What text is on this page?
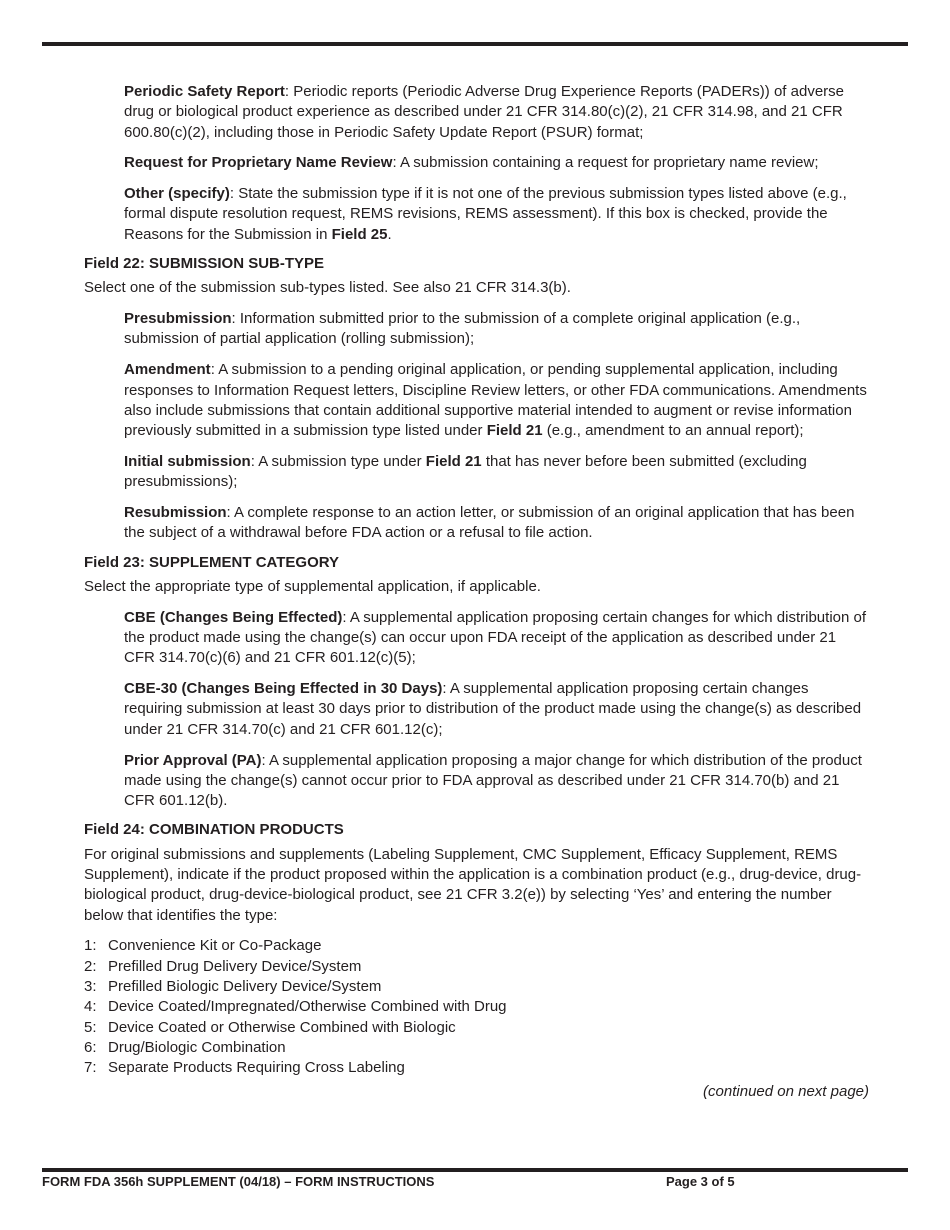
Periodic Safety Report: Periodic reports (Periodic Adverse Drug Experience Reports (PADERs)) of adverse drug or biological product experience as described under 21 CFR 314.80(c)(2), 21 CFR 314.98, and 21 CFR 600.80(c)(2), including those in Periodic Safety Update Report (PSUR) format;

Request for Proprietary Name Review: A submission containing a request for proprietary name review;

Other (specify): State the submission type if it is not one of the previous submission types listed above (e.g., formal dispute resolution request, REMS revisions, REMS assessment). If this box is checked, provide the Reasons for the Submission in Field 25.

Field 22: SUBMISSION SUB-TYPE

Select one of the submission sub-types listed. See also 21 CFR 314.3(b).

Presubmission: Information submitted prior to the submission of a complete original application (e.g., submission of partial application (rolling submission);

Amendment: A submission to a pending original application, or pending supplemental application, including responses to Information Request letters, Discipline Review letters, or other FDA communications. Amendments also include submissions that contain additional supportive material intended to augment or revise information previously submitted in a submission type listed under Field 21 (e.g., amendment to an annual report);

Initial submission: A submission type under Field 21 that has never before been submitted (excluding presubmissions);

Resubmission: A complete response to an action letter, or submission of an original application that has been the subject of a withdrawal before FDA action or a refusal to file action.

Field 23: SUPPLEMENT CATEGORY

Select the appropriate type of supplemental application, if applicable.

CBE (Changes Being Effected): A supplemental application proposing certain changes for which distribution of the product made using the change(s) can occur upon FDA receipt of the application as described under 21 CFR 314.70(c)(6) and 21 CFR 601.12(c)(5);

CBE-30 (Changes Being Effected in 30 Days): A supplemental application proposing certain changes requiring submission at least 30 days prior to distribution of the product made using the change(s) as described under 21 CFR 314.70(c) and 21 CFR 601.12(c);

Prior Approval (PA): A supplemental application proposing a major change for which distribution of the product made using the change(s) cannot occur prior to FDA approval as described under 21 CFR 314.70(b) and 21 CFR 601.12(b).

Field 24: COMBINATION PRODUCTS

For original submissions and supplements (Labeling Supplement, CMC Supplement, Efficacy Supplement, REMS Supplement), indicate if the product proposed within the application is a combination product (e.g., drug-device, drug-biological product, drug-device-biological product, see 21 CFR 3.2(e)) by selecting ‘Yes’ and entering the number below that identifies the type:

1: Convenience Kit or Co-Package
2: Prefilled Drug Delivery Device/System
3: Prefilled Biologic Delivery Device/System
4: Device Coated/Impregnated/Otherwise Combined with Drug
5: Device Coated or Otherwise Combined with Biologic
6: Drug/Biologic Combination
7: Separate Products Requiring Cross Labeling
(continued on next page)
FORM FDA 356h SUPPLEMENT (04/18) – FORM INSTRUCTIONS	Page 3 of 5
